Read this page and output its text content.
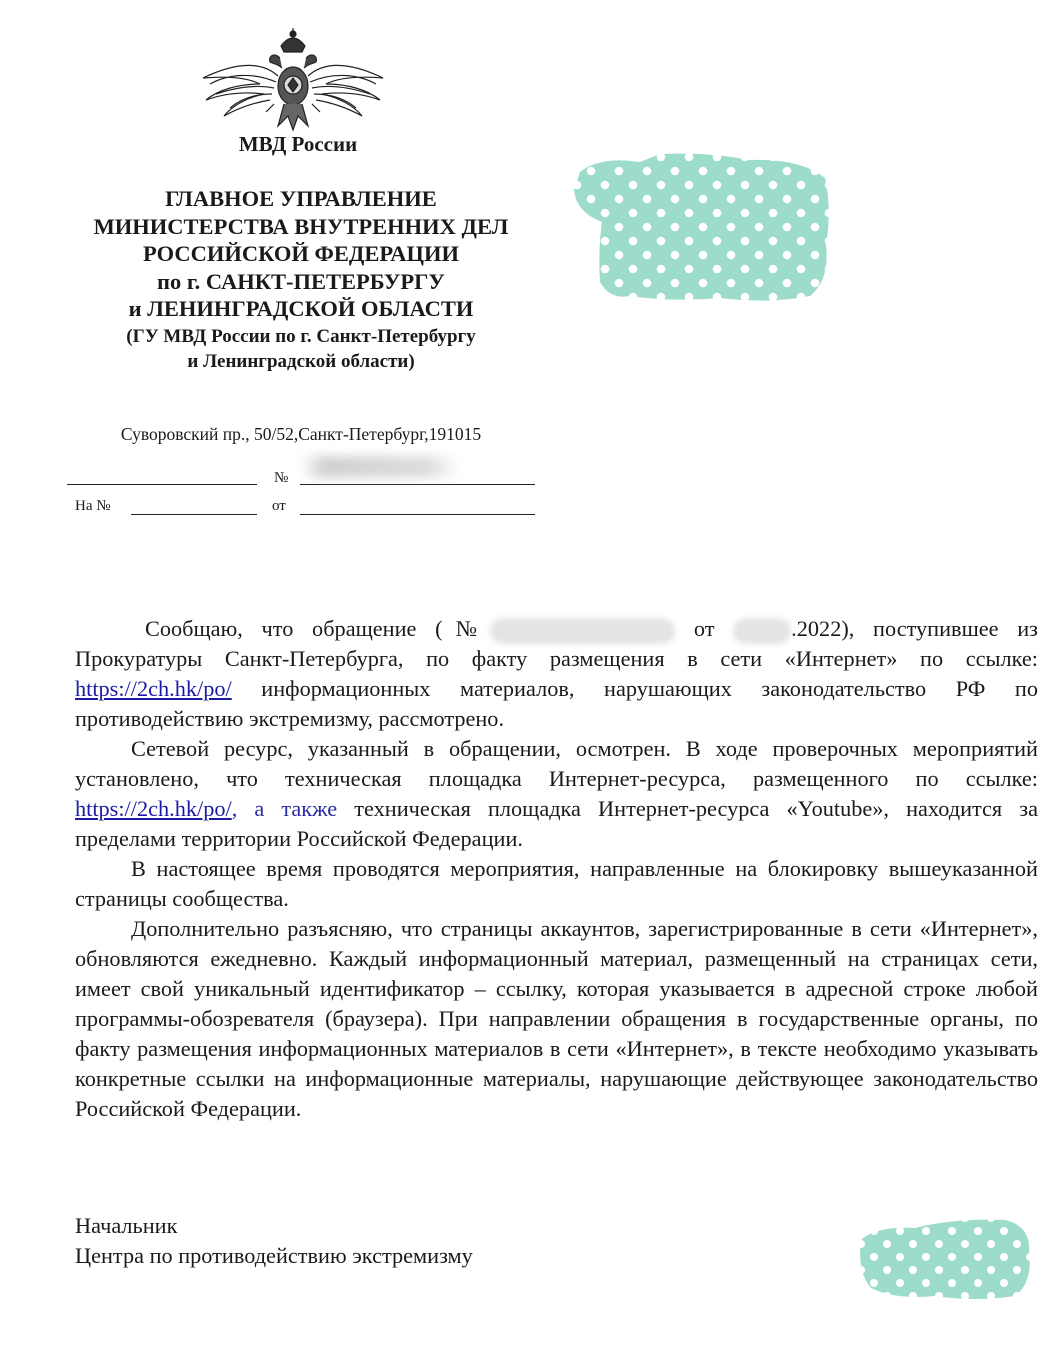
МВД России
ГЛАВНОЕ УПРАВЛЕНИЕ
МИНИСТЕРСТВА ВНУТРЕННИХ ДЕЛ
РОССИЙСКОЙ ФЕДЕРАЦИИ
по г. САНКТ-ПЕТЕРБУРГУ
и ЛЕНИНГРАДСКОЙ ОБЛАСТИ
(ГУ МВД России по г. Санкт-Петербургу
и Ленинградской области)
Суворовский пр., 50/52,Санкт-Петербург,191015
№
На №	от

Сообщаю, что обращение (№	от	.2022), поступившее из Прокуратуры Санкт-Петербурга, по факту размещения в сети «Интернет» по ссылке: https://2ch.hk/po/ информационных материалов, нарушающих законодательство РФ по противодействию экстремизму, рассмотрено.

Сетевой ресурс, указанный в обращении, осмотрен. В ходе проверочных мероприятий установлено, что техническая площадка Интернет-ресурса, размещенного по ссылке: https://2ch.hk/po/, а также техническая площадка Интернет-ресурса «Youtube», находится за пределами территории Российской Федерации.

В настоящее время проводятся мероприятия, направленные на блокировку вышеуказанной страницы сообщества.

Дополнительно разъясняю, что страницы аккаунтов, зарегистрированные в сети «Интернет», обновляются ежедневно. Каждый информационный материал, размещенный на страницах сети, имеет свой уникальный идентификатор – ссылку, которая указывается в адресной строке любой программы-обозревателя (браузера). При направлении обращения в государственные органы, по факту размещения информационных материалов в сети «Интернет», в тексте необходимо указывать конкретные ссылки на информационные материалы, нарушающие действующее законодательство Российской Федерации.

Начальник
Центра по противодействию экстремизму
